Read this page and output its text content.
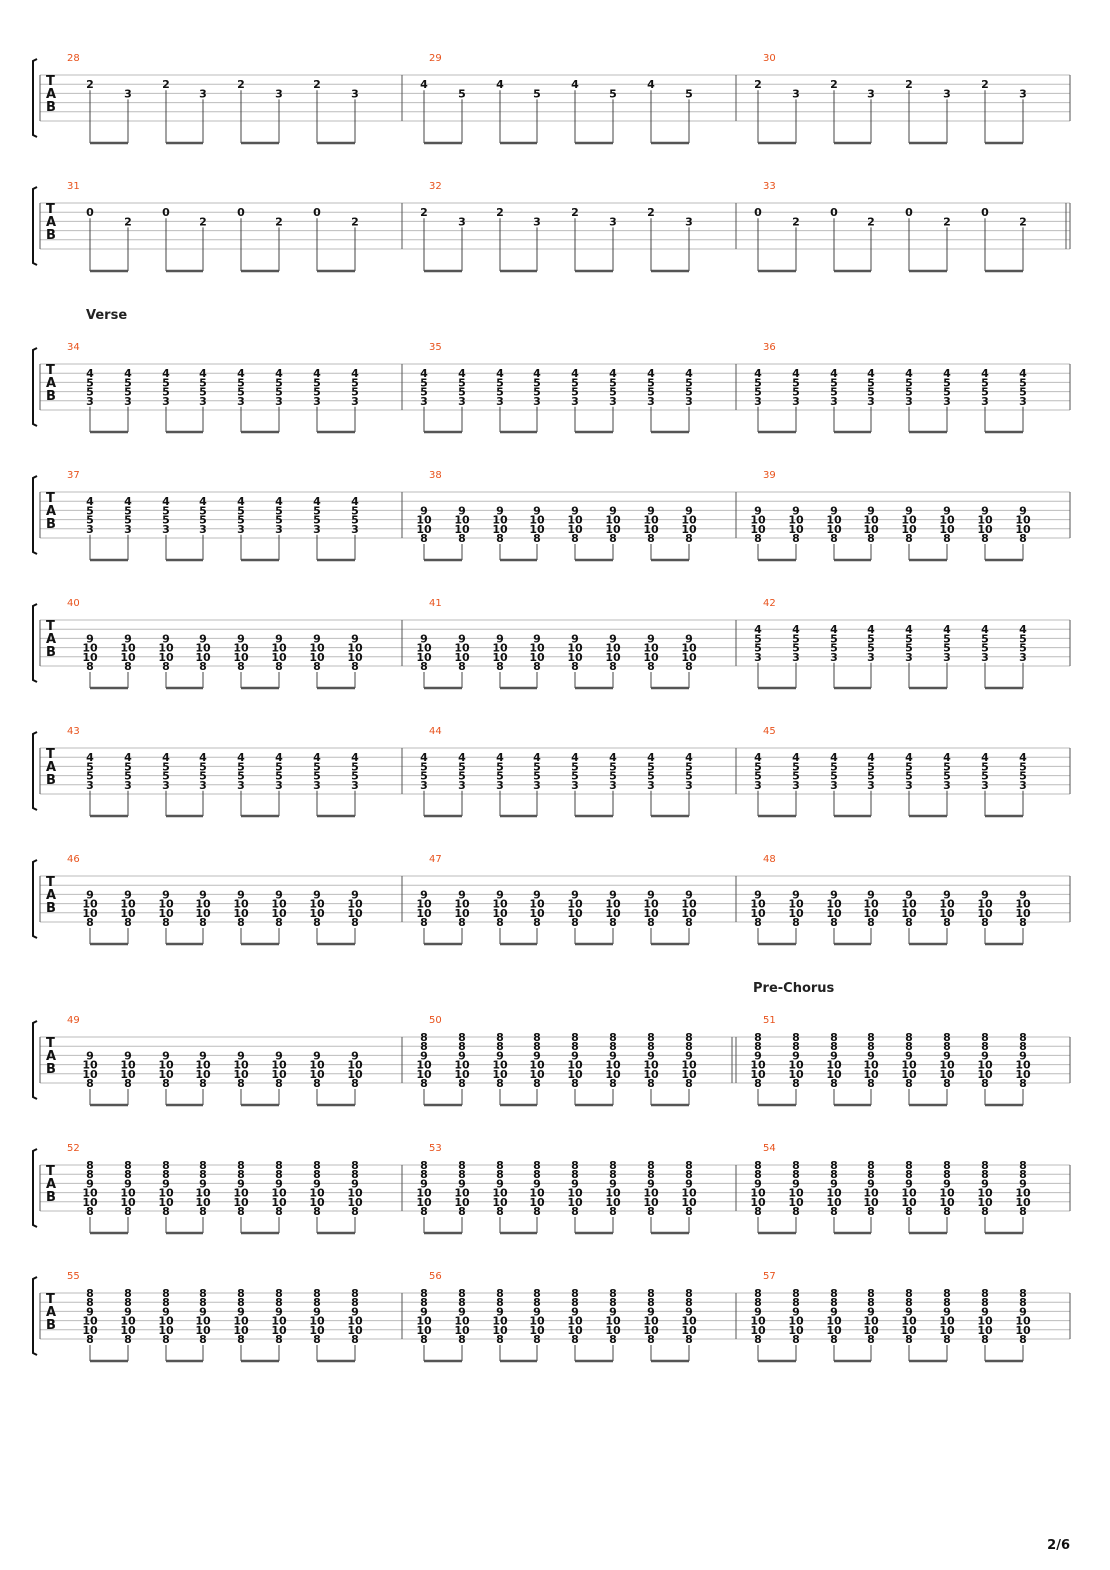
T
A
B
28
2
3
2
3
2
3
2
3
29
4
5
4
5
4
5
4
5
30
2
3
2
3
2
3
2
3
T
A
B
31
0
2
0
2
0
2
0
2
32
2
3
2
3
2
3
2
3
33
0
2
0
2
0
2
0
2
Verse
T
A
B
34
4
5
5
3
4
5
5
3
4
5
5
3
4
5
5
3
4
5
5
3
4
5
5
3
4
5
5
3
4
5
5
3
35
4
5
5
3
4
5
5
3
4
5
5
3
4
5
5
3
4
5
5
3
4
5
5
3
4
5
5
3
4
5
5
3
36
4
5
5
3
4
5
5
3
4
5
5
3
4
5
5
3
4
5
5
3
4
5
5
3
4
5
5
3
4
5
5
3
T
A
B
37
4
5
5
3
4
5
5
3
4
5
5
3
4
5
5
3
4
5
5
3
4
5
5
3
4
5
5
3
4
5
5
3
38
9
10
10
8
9
10
10
8
9
10
10
8
9
10
10
8
9
10
10
8
9
10
10
8
9
10
10
8
9
10
10
8
39
9
10
10
8
9
10
10
8
9
10
10
8
9
10
10
8
9
10
10
8
9
10
10
8
9
10
10
8
9
10
10
8
T
A
B
40
9
10
10
8
9
10
10
8
9
10
10
8
9
10
10
8
9
10
10
8
9
10
10
8
9
10
10
8
9
10
10
8
41
9
10
10
8
9
10
10
8
9
10
10
8
9
10
10
8
9
10
10
8
9
10
10
8
9
10
10
8
9
10
10
8
42
4
5
5
3
4
5
5
3
4
5
5
3
4
5
5
3
4
5
5
3
4
5
5
3
4
5
5
3
4
5
5
3
T
A
B
43
4
5
5
3
4
5
5
3
4
5
5
3
4
5
5
3
4
5
5
3
4
5
5
3
4
5
5
3
4
5
5
3
44
4
5
5
3
4
5
5
3
4
5
5
3
4
5
5
3
4
5
5
3
4
5
5
3
4
5
5
3
4
5
5
3
45
4
5
5
3
4
5
5
3
4
5
5
3
4
5
5
3
4
5
5
3
4
5
5
3
4
5
5
3
4
5
5
3
T
A
B
46
9
10
10
8
9
10
10
8
9
10
10
8
9
10
10
8
9
10
10
8
9
10
10
8
9
10
10
8
9
10
10
8
47
9
10
10
8
9
10
10
8
9
10
10
8
9
10
10
8
9
10
10
8
9
10
10
8
9
10
10
8
9
10
10
8
48
9
10
10
8
9
10
10
8
9
10
10
8
9
10
10
8
9
10
10
8
9
10
10
8
9
10
10
8
9
10
10
8
Pre-Chorus
T
A
B
49
9
10
10
8
9
10
10
8
9
10
10
8
9
10
10
8
9
10
10
8
9
10
10
8
9
10
10
8
9
10
10
8
50
8
8
9
10
10
8
8
8
9
10
10
8
8
8
9
10
10
8
8
8
9
10
10
8
8
8
9
10
10
8
8
8
9
10
10
8
8
8
9
10
10
8
8
8
9
10
10
8
51
8
8
9
10
10
8
8
8
9
10
10
8
8
8
9
10
10
8
8
8
9
10
10
8
8
8
9
10
10
8
8
8
9
10
10
8
8
8
9
10
10
8
8
8
9
10
10
8
T
A
B
52
8
8
9
10
10
8
8
8
9
10
10
8
8
8
9
10
10
8
8
8
9
10
10
8
8
8
9
10
10
8
8
8
9
10
10
8
8
8
9
10
10
8
8
8
9
10
10
8
53
8
8
9
10
10
8
8
8
9
10
10
8
8
8
9
10
10
8
8
8
9
10
10
8
8
8
9
10
10
8
8
8
9
10
10
8
8
8
9
10
10
8
8
8
9
10
10
8
54
8
8
9
10
10
8
8
8
9
10
10
8
8
8
9
10
10
8
8
8
9
10
10
8
8
8
9
10
10
8
8
8
9
10
10
8
8
8
9
10
10
8
8
8
9
10
10
8
T
A
B
55
8
8
9
10
10
8
8
8
9
10
10
8
8
8
9
10
10
8
8
8
9
10
10
8
8
8
9
10
10
8
8
8
9
10
10
8
8
8
9
10
10
8
8
8
9
10
10
8
56
8
8
9
10
10
8
8
8
9
10
10
8
8
8
9
10
10
8
8
8
9
10
10
8
8
8
9
10
10
8
8
8
9
10
10
8
8
8
9
10
10
8
8
8
9
10
10
8
57
8
8
9
10
10
8
8
8
9
10
10
8
8
8
9
10
10
8
8
8
9
10
10
8
8
8
9
10
10
8
8
8
9
10
10
8
8
8
9
10
10
8
8
8
9
10
10
8
2/6
